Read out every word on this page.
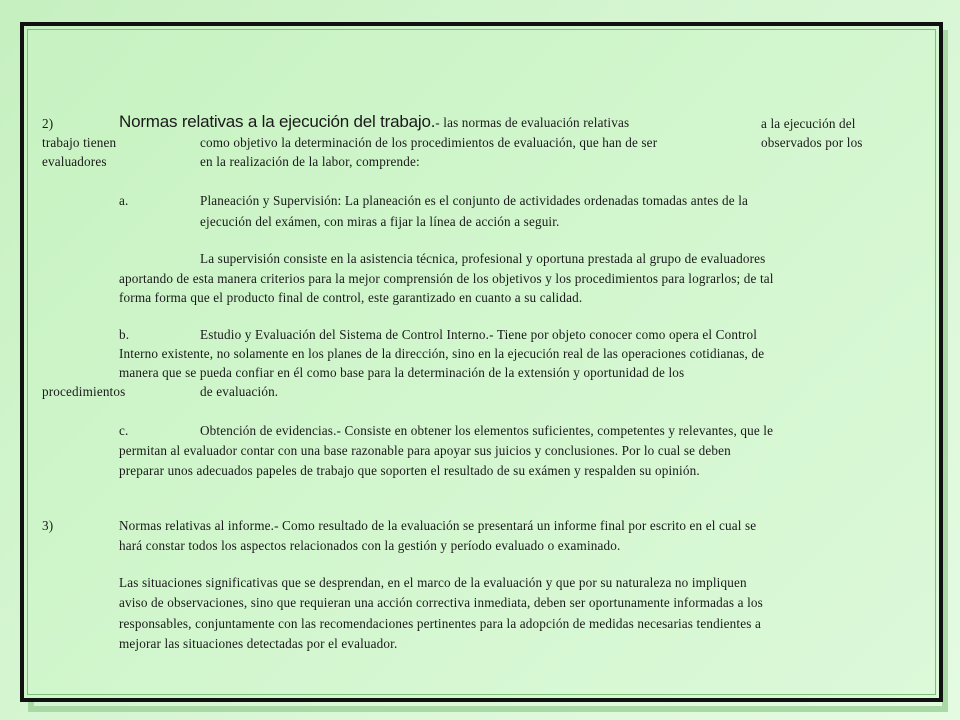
2)	Normas relativas a la ejecución del trabajo.- las normas de evaluación relativas	a la ejecución del
trabajo tienen	como objetivo la determinación de los procedimientos de evaluación, que han de ser	observados por los
evaluadores	en la realización de la labor, comprende:
a.	Planeación y Supervisión: La planeación es el conjunto de actividades ordenadas tomadas antes de la
ejecución del exámen, con miras a fijar la línea de acción a seguir.
La supervisión consiste en la asistencia técnica, profesional y oportuna prestada al grupo de evaluadores
aportando de esta manera criterios para la mejor comprensión de los objetivos y los procedimientos para lograrlos; de tal
forma forma que el producto final de control, este garantizado en cuanto a su calidad.
b.	Estudio y Evaluación del Sistema de Control Interno.- Tiene por objeto conocer como opera el Control
Interno existente, no solamente en los planes de la dirección, sino en la ejecución real de las operaciones cotidianas, de
manera que se pueda confiar en él como base para la determinación de la extensión y oportunidad de los
procedimientos	de evaluación.
c.	Obtención de evidencias.- Consiste en obtener los elementos suficientes, competentes y relevantes, que le
permitan al evaluador contar con una base razonable para apoyar sus juicios y conclusiones. Por lo cual se deben
preparar unos adecuados papeles de trabajo que soporten el resultado de su exámen y respalden su opinión.
3)	Normas relativas al informe.- Como resultado de la evaluación se presentará un informe final por escrito en el cual se
hará constar todos los aspectos relacionados con la gestión y período evaluado o examinado.
Las situaciones significativas que se desprendan, en el marco de la evaluación y que por su naturaleza no impliquen
aviso de observaciones, sino que requieran una acción correctiva inmediata, deben ser oportunamente informadas a los
responsables, conjuntamente con las recomendaciones pertinentes para la adopción de medidas necesarias tendientes a
mejorar las situaciones detectadas por el evaluador.
